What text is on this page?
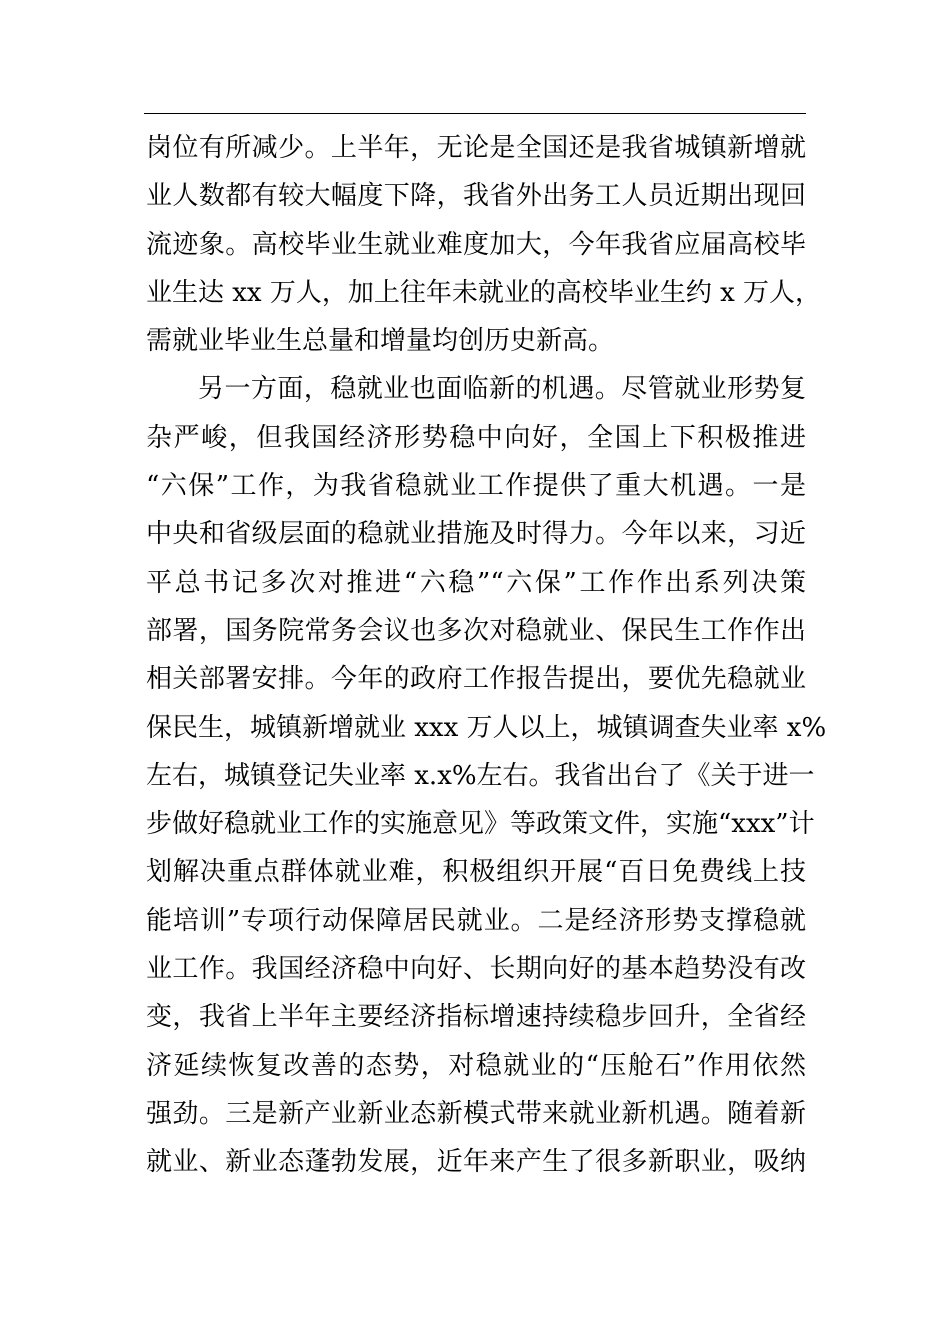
岗位有所减少。上半年，无论是全国还是我省城镇新增就
业人数都有较大幅度下降，我省外出务工人员近期出现回
流迹象。高校毕业生就业难度加大，今年我省应届高校毕
业生达 xx 万人，加上往年未就业的高校毕业生约 x 万人，
需就业毕业生总量和增量均创历史新高。
另一方面，稳就业也面临新的机遇。尽管就业形势复
杂严峻，但我国经济形势稳中向好，全国上下积极推进
“六保”工作，为我省稳就业工作提供了重大机遇。一是
中央和省级层面的稳就业措施及时得力。今年以来，习近
平总书记多次对推进“六稳”“六保”工作作出系列决策
部署，国务院常务会议也多次对稳就业、保民生工作作出
相关部署安排。今年的政府工作报告提出，要优先稳就业
保民生，城镇新增就业 xxx 万人以上，城镇调查失业率 x%
左右，城镇登记失业率 x.x%左右。我省出台了《关于进一
步做好稳就业工作的实施意见》等政策文件，实施“xxx”计
划解决重点群体就业难，积极组织开展“百日免费线上技
能培训”专项行动保障居民就业。二是经济形势支撑稳就
业工作。我国经济稳中向好、长期向好的基本趋势没有改
变，我省上半年主要经济指标增速持续稳步回升，全省经
济延续恢复改善的态势，对稳就业的“压舱石”作用依然
强劲。三是新产业新业态新模式带来就业新机遇。随着新
就业、新业态蓬勃发展，近年来产生了很多新职业，吸纳
